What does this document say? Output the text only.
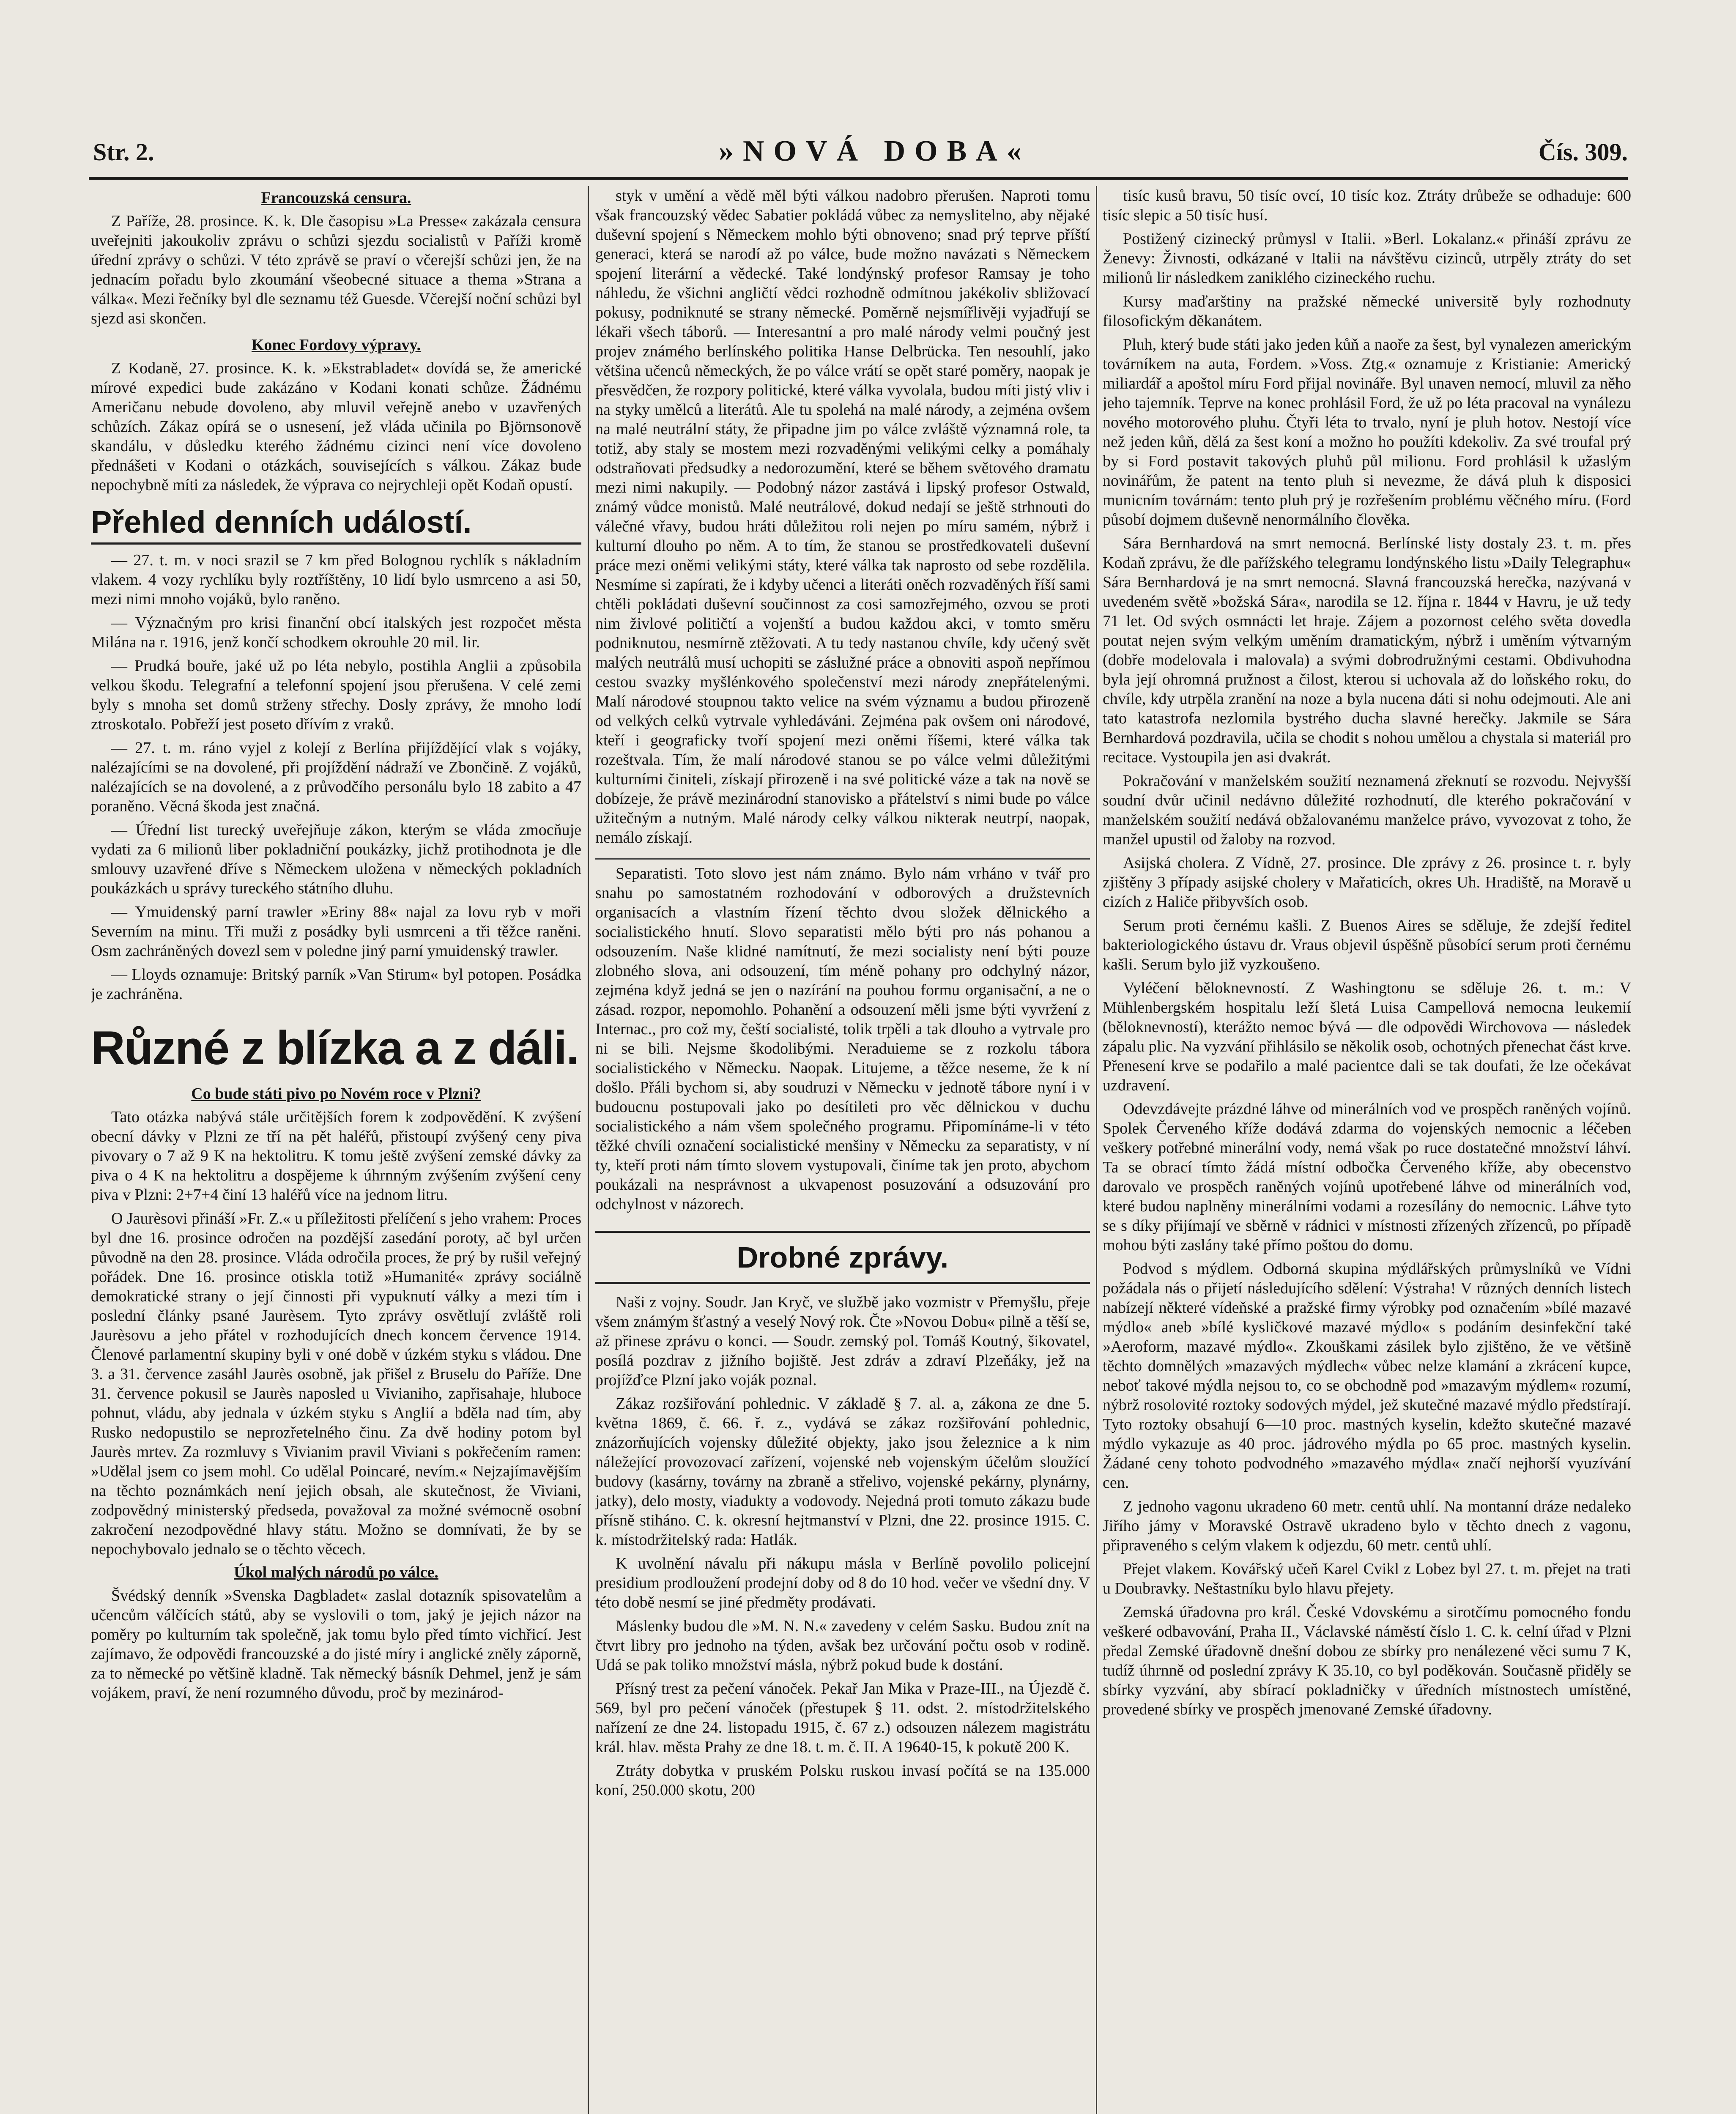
Str. 2.	»NOVÁ DOBA«	Čís. 309.
Francouzská censura.

Z Paříže, 28. prosince. K. k. Dle časopisu »La Presse« zakázala censura uveřejniti jakoukoliv zprávu o schůzi sjezdu socialistů v Paříži kromě úřední zprávy o schůzi. V této zprávě se praví o včerejší schůzi jen, že na jednacím pořadu bylo zkoumání všeobecné situace a thema »Strana a válka«. Mezi řečníky byl dle seznamu též Guesde. Včerejší noční schůzi byl sjezd asi skončen.

Konec Fordovy výpravy.

Z Kodaně, 27. prosince. K. k. »Ekstrabladet« dovídá se, že americké mírové expedici bude zakázáno v Kodani konati schůze. Žádnému Američanu nebude dovoleno, aby mluvil veřejně anebo v uzavřených schůzích. Zákaz opírá se o usnesení, jež vláda učinila po Björnsonově skandálu, v důsledku kterého žádnému cizinci není více dovoleno přednášeti v Kodani o otázkách, souvisejících s válkou. Zákaz bude nepochybně míti za následek, že výprava co nejrychleji opět Kodaň opustí.

Přehled denních událostí.

— 27. t. m. v noci srazil se 7 km před Bolognou rychlík s nákladním vlakem. 4 vozy rychlíku byly roztříštěny, 10 lidí bylo usmrceno a asi 50, mezi nimi mnoho vojáků, bylo raněno.

— Význačným pro krisi finanční obcí italských jest rozpočet města Milána na r. 1916, jenž končí schodkem okrouhle 20 mil. lir.

— Prudká bouře, jaké už po léta nebylo, postihla Anglii a způsobila velkou škodu. Telegrafní a telefonní spojení jsou přerušena. V celé zemi byly s mnoha set domů strženy střechy. Dosly zprávy, že mnoho lodí ztroskotalo. Pobřeží jest poseto dřívím z vraků.

— 27. t. m. ráno vyjel z kolejí z Berlína přijíždějící vlak s vojáky, nalézajícími se na dovolené, při projíždění nádraží ve Zbončině. Z vojáků, nalézajících se na dovolené, a z průvodčího personálu bylo 18 zabito a 47 poraněno. Věcná škoda jest značná.

— Úřední list turecký uveřejňuje zákon, kterým se vláda zmocňuje vydati za 6 milionů liber pokladniční poukázky, jichž protihodnota je dle smlouvy uzavřené dříve s Německem uložena v německých pokladních poukázkách u správy tureckého státního dluhu.

— Ymuidenský parní trawler »Eriny 88« najal za lovu ryb v moři Severním na minu. Tři muži z posádky byli usmrceni a tři těžce raněni. Osm zachráněných dovezl sem v poledne jiný parní ymuidenský trawler.

— Lloyds oznamuje: Britský parník »Van Stirum« byl potopen. Posádka je zachráněna.

Různé z blízka a z dáli.
Co bude státi pivo po Novém roce v Plzni?

Tato otázka nabývá stále určitějších forem k zodpovědění. K zvýšení obecní dávky v Plzni ze tří na pět haléřů, přistoupí zvýšený ceny piva pivovary o 7 až 9 K na hektolitru. K tomu ještě zvýšení zemské dávky za piva o 4 K na hektolitru a dospějeme k úhrnným zvýšením zvýšení ceny piva v Plzni: 2+7+4 činí 13 haléřů více na jednom litru.

O Jaurèsovi přináší »Fr. Z.« u příležitosti přelíčení s jeho vrahem: Proces byl dne 16. prosince odročen na pozdější zasedání poroty, ač byl určen původně na den 28. prosince. Vláda odročila proces, že prý by rušil veřejný pořádek. Dne 16. prosince otiskla totiž »Humanité« zprávy sociálně demokratické strany o její činnosti při vypuknutí války a mezi tím i poslední články psané Jaurèsem. Tyto zprávy osvětlují zvláště roli Jaurèsovu a jeho přátel v rozhodujících dnech koncem července 1914. Členové parlamentní skupiny byli v oné době v úzkém styku s vládou. Dne 3. a 31. července zasáhl Jaurès osobně, jak přišel z Bruselu do Paříže. Dne 31. července pokusil se Jaurès naposled u Vivianiho, zapřisahaje, hluboce pohnut, vládu, aby jednala v úzkém styku s Anglií a bděla nad tím, aby Rusko nedopustilo se neprozřetelného činu. Za dvě hodiny potom byl Jaurès mrtev. Za rozmluvy s Vivianim pravil Viviani s pokřečením ramen: »Udělal jsem co jsem mohl. Co udělal Poincaré, nevím.« Nejzajímavějším na těchto poznámkách není jejich obsah, ale skutečnost, že Viviani, zodpovědný ministerský předseda, považoval za možné svémocně osobní zakročení nezodpovědné hlavy státu. Možno se domnívati, že by se nepochybovalo jednalo se o těchto věcech.

Úkol malých národů po válce.

Švédský denník »Svenska Dagbladet« zaslal dotazník spisovatelům a učencům válčících států, aby se vyslovili o tom, jaký je jejich názor na poměry po kulturním tak společně, jak tomu bylo před tímto vichřicí. Jest zajímavo, že odpovědi francouzské a do jisté míry i anglické zněly záporně, za to německé po většině kladně. Tak německý básník Dehmel, jenž je sám vojákem, praví, že není rozumného důvodu, proč by mezinárod-

styk v umění a vědě měl býti válkou nadobro přerušen. Naproti tomu však francouzský vědec Sabatier pokládá vůbec za nemyslitelno, aby nějaké duševní spojení s Německem mohlo býti obnoveno; snad prý teprve příští generaci, která se narodí až po válce, bude možno navázati s Německem spojení literární a vědecké. Také londýnský profesor Ramsay je toho náhledu, že všichni angličtí vědci rozhodně odmítnou jakékoliv sbližovací pokusy, podniknuté se strany německé. Poměrně nejsmířlivěji vyjadřují se lékaři všech táborů. — Interesantní a pro malé národy velmi poučný jest projev známého berlínského politika Hanse Delbrücka. Ten nesouhlí, jako většina učenců německých, že po válce vrátí se opět staré poměry, naopak je přesvědčen, že rozpory politické, které válka vyvolala, budou míti jistý vliv i na styky umělců a literátů. Ale tu spolehá na malé národy, a zejména ovšem na malé neutrální státy, že připadne jim po válce zvláště významná role, ta totiž, aby staly se mostem mezi rozvaděnými velikými celky a pomáhaly odstraňovati předsudky a nedorozumění, které se během světového dramatu mezi nimi nakupily. — Podobný názor zastává i lipský profesor Ostwald, známý vůdce monistů. Malé neutrálové, dokud nedají se ještě strhnouti do válečné vřavy, budou hráti důležitou roli nejen po míru samém, nýbrž i kulturní dlouho po něm. A to tím, že stanou se prostředkovateli duševní práce mezi oněmi velikými státy, které válka tak naprosto od sebe rozdělila. Nesmíme si zapírati, že i kdyby učenci a literáti oněch rozvaděných říší sami chtěli pokládati duševní součinnost za cosi samozřejmého, ozvou se proti nim živlové političtí a vojenští a budou každou akci, v tomto směru podniknutou, nesmírně ztěžovati. A tu tedy nastanou chvíle, kdy učený svět malých neutrálů musí uchopiti se záslužné práce a obnoviti aspoň nepřímou cestou svazky myšlénkového společenství mezi národy znepřátelenými. Malí národové stoupnou takto velice na svém významu a budou přirozeně od velkých celků vytrvale vyhledáváni. Zejména pak ovšem oni národové, kteří i geograficky tvoří spojení mezi oněmi říšemi, které válka tak rozeštvala. Tím, že malí národové stanou se po válce velmi důležitými kulturními činiteli, získají přirozeně i na své politické váze a tak na nově se dobízeje, že právě mezinárodní stanovisko a přátelství s nimi bude po válce užitečným a nutným. Malé národy celky válkou nikterak neutrpí, naopak, nemálo získají.

Separatisti. Toto slovo jest nám známo. Bylo nám vrháno v tvář pro snahu po samostatném rozhodování v odborových a družstevních organisacích a vlastním řízení těchto dvou složek dělnického a socialistického hnutí. Slovo separatisti mělo býti pro nás pohanou a odsouzením. Naše klidné namítnutí, že mezi socialisty není býti pouze zlobného slova, ani odsouzení, tím méně pohany pro odchylný názor, zejména když jedná se jen o nazírání na pouhou formu organisační, a ne o zásad. rozpor, nepomohlo. Pohanění a odsouzení měli jsme býti vyvržení z Internac., pro což my, čeští socialisté, tolik trpěli a tak dlouho a vytrvale pro ni se bili. Nejsme škodolibými. Neraduieme se z rozkolu tábora socialistického v Německu. Naopak. Litujeme, a těžce neseme, že k ní došlo. Přáli bychom si, aby soudruzi v Německu v jednotě tábore nyní i v budoucnu postupovali jako po desítileti pro věc dělnickou v duchu socialistického a nám všem společného programu. Připomínáme-li v této těžké chvíli označení socialistické menšiny v Německu za separatisty, v ní ty, kteří proti nám tímto slovem vystupovali, činíme tak jen proto, abychom poukázali na nesprávnost a ukvapenost posuzování a odsuzování pro odchylnost v názorech.

Drobné zprávy.

Naši z vojny. Soudr. Jan Kryč, ve službě jako vozmistr v Přemyšlu, přeje všem známým šťastný a veselý Nový rok. Čte »Novou Dobu« pilně a těší se, až přinese zprávu o konci. — Soudr. zemský pol. Tomáš Koutný, šikovatel, posílá pozdrav z jižního bojiště. Jest zdráv a zdraví Plzeňáky, jež na projížďce Plzní jako voják poznal.

Zákaz rozšiřování pohlednic. V základě § 7. al. a, zákona ze dne 5. května 1869, č. 66. ř. z., vydává se zákaz rozšiřování pohlednic, znázorňujících vojensky důležité objekty, jako jsou železnice a k nim náležející provozovací zařízení, vojenské neb vojenským účelům sloužící budovy (kasárny, továrny na zbraně a střelivo, vojenské pekárny, plynárny, jatky), delo mosty, viadukty a vodovody. Nejedná proti tomuto zákazu bude přísně stiháno. C. k. okresní hejtmanství v Plzni, dne 22. prosince 1915. C. k. místodržitelský rada: Hatlák.

K uvolnění návalu při nákupu másla v Berlíně povolilo policejní presidium prodloužení prodejní doby od 8 do 10 hod. večer ve všední dny. V této době nesmí se jiné předměty prodávati.

Máslenky budou dle »M. N. N.« zavedeny v celém Sasku. Budou znít na čtvrt libry pro jednoho na týden, avšak bez určování počtu osob v rodině. Udá se pak toliko množství másla, nýbrž pokud bude k dostání.

Přísný trest za pečení vánoček. Pekař Jan Mika v Praze-III., na Újezdě č. 569, byl pro pečení vánoček (přestupek § 11. odst. 2. místodržitelského nařízení ze dne 24. listopadu 1915, č. 67 z.) odsouzen nálezem magistrátu král. hlav. města Prahy ze dne 18. t. m. č. II. A 19640-15, k pokutě 200 K.

Ztráty dobytka v pruském Polsku ruskou invasí počítá se na 135.000 koní, 250.000 skotu, 200

tisíc kusů bravu, 50 tisíc ovcí, 10 tisíc koz. Ztráty drůbeže se odhaduje: 600 tisíc slepic a 50 tisíc husí.

Postižený cizinecký průmysl v Italii. »Berl. Lokalanz.« přináší zprávu ze Ženevy: Živnosti, odkázané v Italii na návštěvu cizinců, utrpěly ztráty do set milionů lir následkem zaniklého cizineckého ruchu.

Kursy maďarštiny na pražské německé universitě byly rozhodnuty filosofickým děkanátem.

Pluh, který bude státi jako jeden kůň a naoře za šest, byl vynalezen americkým továrníkem na auta, Fordem. »Voss. Ztg.« oznamuje z Kristianie: Americký miliardář a apoštol míru Ford přijal novináře. Byl unaven nemocí, mluvil za něho jeho tajemník. Teprve na konec prohlásil Ford, že už po léta pracoval na vynálezu nového motorového pluhu. Čtyři léta to trvalo, nyní je pluh hotov. Nestojí více než jeden kůň, dělá za šest koní a možno ho použíti kdekoliv. Za své troufal prý by si Ford postavit takových pluhů půl milionu. Ford prohlásil k užaslým novinářům, že patent na tento pluh si nevezme, že dává pluh k disposici municním továrnám: tento pluh prý je rozřešením problému věčného míru. (Ford působí dojmem duševně nenormálního člověka.

Sára Bernhardová na smrt nemocná. Berlínské listy dostaly 23. t. m. přes Kodaň zprávu, že dle pařížského telegramu londýnského listu »Daily Telegraphu« Sára Bernhardová je na smrt nemocná. Slavná francouzská herečka, nazývaná v uvedeném světě »božská Sára«, narodila se 12. října r. 1844 v Havru, je už tedy 71 let. Od svých osmnácti let hraje. Zájem a pozornost celého světa dovedla poutat nejen svým velkým uměním dramatickým, nýbrž i uměním výtvarným (dobře modelovala i malovala) a svými dobrodružnými cestami. Obdivuhodna byla její ohromná pružnost a čilost, kterou si uchovala až do loňského roku, do chvíle, kdy utrpěla zranění na noze a byla nucena dáti si nohu odejmouti. Ale ani tato katastrofa nezlomila bystrého ducha slavné herečky. Jakmile se Sára Bernhardová pozdravila, učila se chodit s nohou umělou a chystala si materiál pro recitace. Vystoupila jen asi dvakrát.

Pokračování v manželském soužití neznamená zřeknutí se rozvodu. Nejvyšší soudní dvůr učinil nedávno důležité rozhodnutí, dle kterého pokračování v manželském soužití nedává obžalovanému manželce právo, vyvozovat z toho, že manžel upustil od žaloby na rozvod.

Asijská cholera. Z Vídně, 27. prosince. Dle zprávy z 26. prosince t. r. byly zjištěny 3 případy asijské cholery v Mařaticích, okres Uh. Hradiště, na Moravě u cizích z Haliče přibyvších osob.

Serum proti černému kašli. Z Buenos Aires se sděluje, že zdejší ředitel bakteriologického ústavu dr. Vraus objevil úspěšně působící serum proti černému kašli. Serum bylo již vyzkoušeno.

Vyléčení běloknevností. Z Washingtonu se sděluje 26. t. m.: V Mühlenbergském hospitalu leží šletá Luisa Campellová nemocna leukemií (běloknevností), kterážto nemoc bývá — dle odpovědi Wirchovova — následek zápalu plic. Na vyzvání přihlásilo se několik osob, ochotných přenechat část krve. Přenesení krve se podařilo a malé pacientce dali se tak doufati, že lze očekávat uzdravení.

Odevzdávejte prázdné láhve od minerálních vod ve prospěch raněných vojínů. Spolek Červeného kříže dodává zdarma do vojenských nemocnic a léčeben veškery potřebné minerální vody, nemá však po ruce dostatečné množství láhví. Ta se obrací tímto žádá místní odbočka Červeného kříže, aby obecenstvo darovalo ve prospěch raněných vojínů upotřebené láhve od minerálních vod, které budou naplněny minerálními vodami a rozesílány do nemocnic. Láhve tyto se s díky přijímají ve sběrně v rádnici v místnosti zřízených zřízenců, po případě mohou býti zaslány také přímo poštou do domu.

Podvod s mýdlem. Odborná skupina mýdlářských průmyslníků ve Vídni požádala nás o přijetí následujícího sdělení: Výstraha! V různých denních listech nabízejí některé vídeňské a pražské firmy výrobky pod označením »bílé mazavé mýdlo« aneb »bílé kysličkové mazavé mýdlo« s podáním desinfekční také »Aeroform, mazavé mýdlo«. Zkouškami zásilek bylo zjištěno, že ve většině těchto domnělých »mazavých mýdlech« vůbec nelze klamání a zkrácení kupce, neboť takové mýdla nejsou to, co se obchodně pod »mazavým mýdlem« rozumí, nýbrž rosolovité roztoky sodových mýdel, jež skutečné mazavé mýdlo předstírají. Tyto roztoky obsahují 6—10 proc. mastných kyselin, kdežto skutečné mazavé mýdlo vykazuje as 40 proc. jádrového mýdla po 65 proc. mastných kyselin. Žádané ceny tohoto podvodného »mazavého mýdla« značí nejhorší vyuzívání cen.

Z jednoho vagonu ukradeno 60 metr. centů uhlí. Na montanní dráze nedaleko Jiřího jámy v Moravské Ostravě ukradeno bylo v těchto dnech z vagonu, připraveného s celým vlakem k odjezdu, 60 metr. centů uhlí.

Přejet vlakem. Kovářský učeň Karel Cvikl z Lobez byl 27. t. m. přejet na trati u Doubravky. Neštastníku bylo hlavu přejety.

Zemská úřadovna pro král. České Vdovskému a sirotčímu pomocného fondu veškeré odbavování, Praha II., Václavské náměstí číslo 1. C. k. celní úřad v Plzni předal Zemské úřadovně dnešní dobou ze sbírky pro nenálezené věci sumu 7 K, tudíž úhrnně od poslední zprávy K 35.10, co byl poděkován. Současně přiděly se sbírky vyzvání, aby sbírací pokladničky v úředních místnostech umístěné, provedené sbírky ve prospěch jmenované Zemské úřadovny.
